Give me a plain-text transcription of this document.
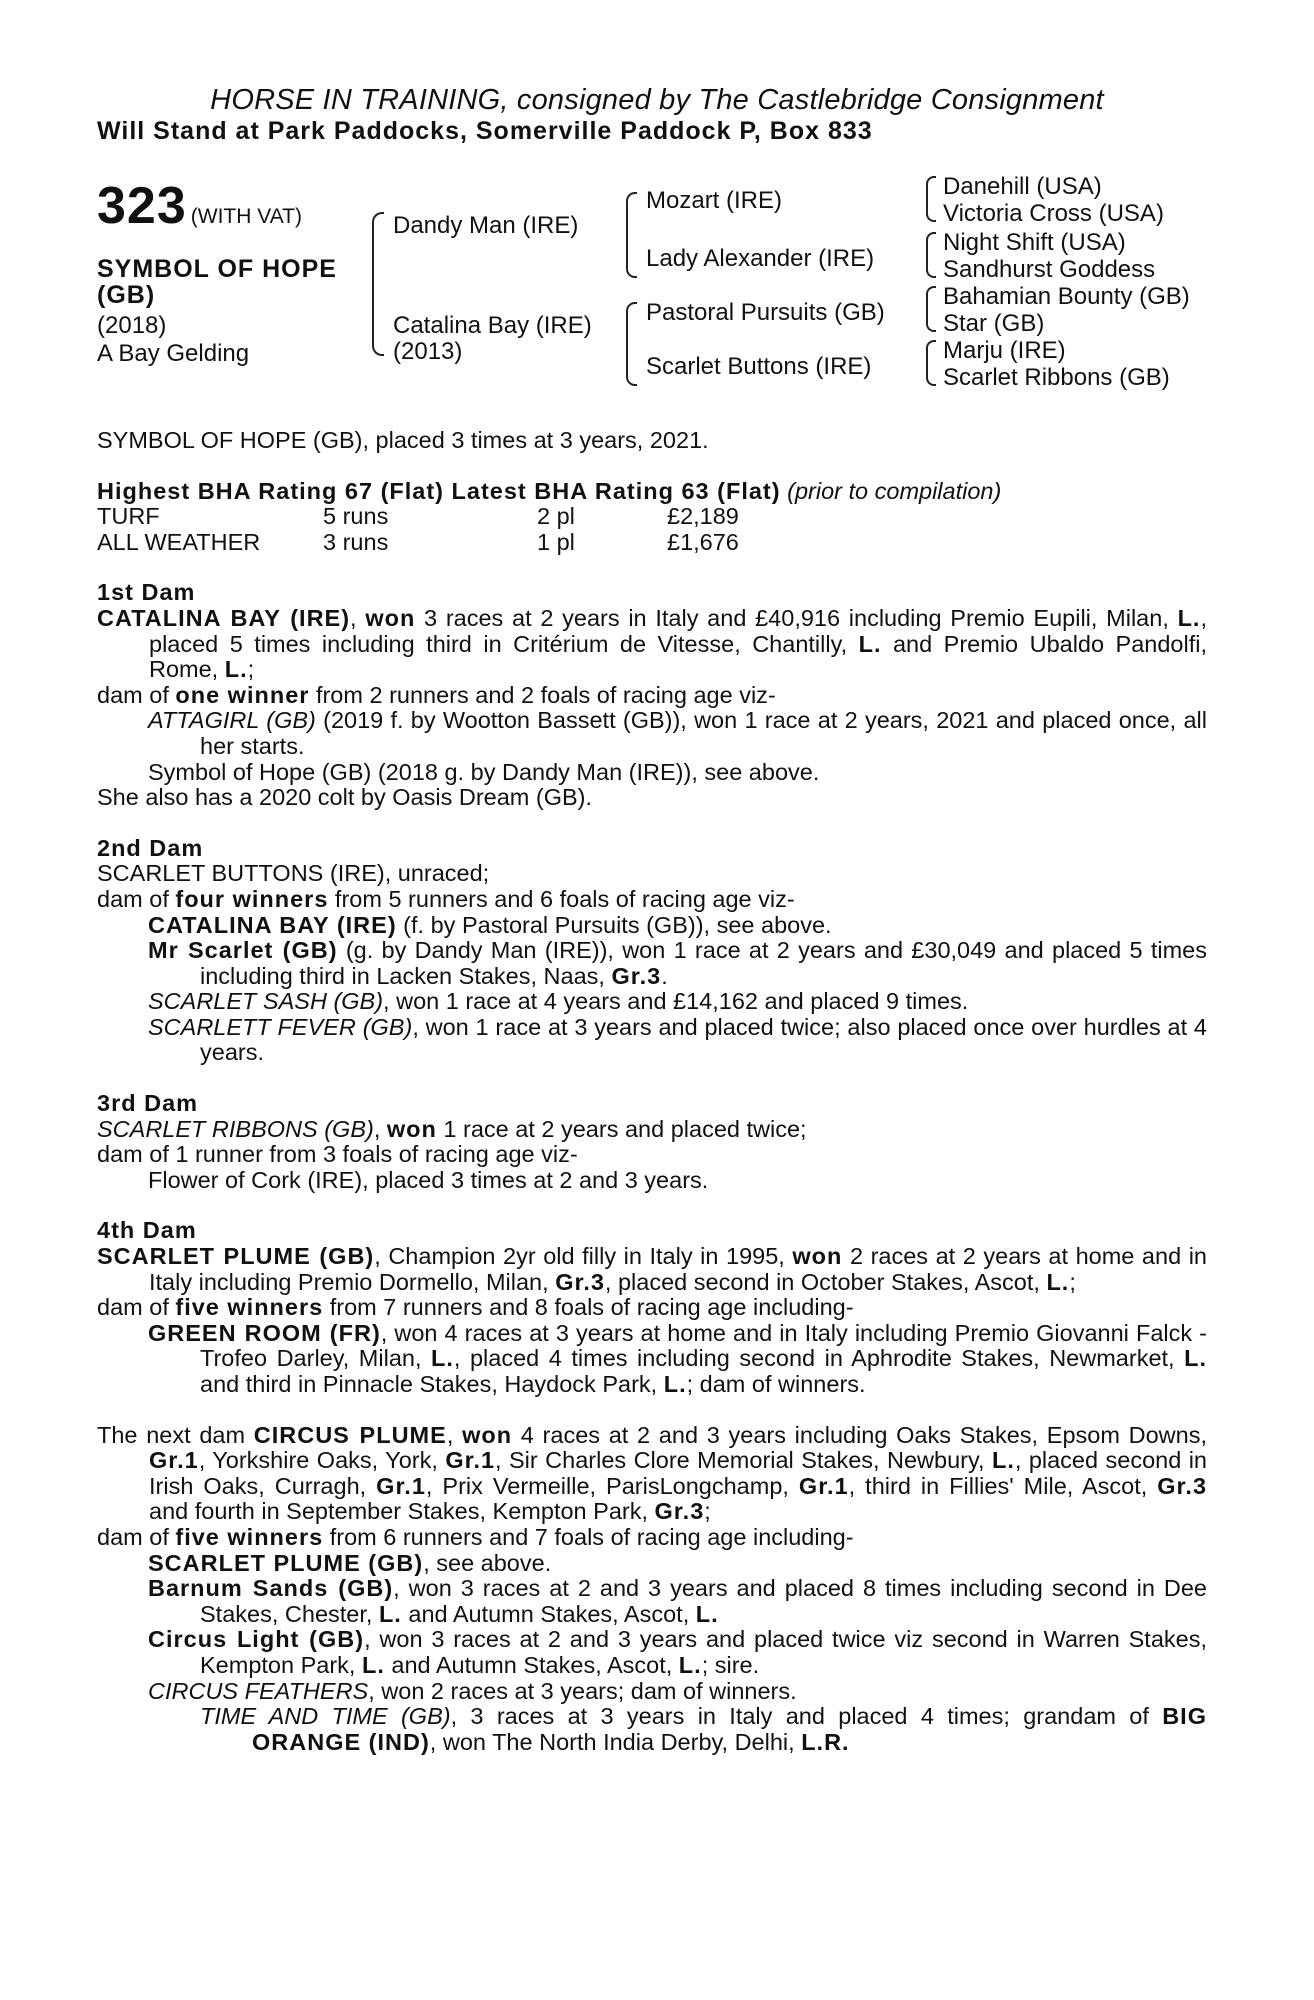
HORSE IN TRAINING, consigned by The Castlebridge Consignment
Will Stand at Park Paddocks, Somerville Paddock P, Box 833
323 (WITH VAT)
SYMBOL OF HOPE
(GB)
(2018)
A Bay Gelding
Dandy Man (IRE)
Catalina Bay (IRE)
(2013)
Mozart (IRE)
Lady Alexander (IRE)
Pastoral Pursuits (GB)
Scarlet Buttons (IRE)
Danehill (USA)
Victoria Cross (USA)
Night Shift (USA)
Sandhurst Goddess
Bahamian Bounty (GB)
Star (GB)
Marju (IRE)
Scarlet Ribbons (GB)

SYMBOL OF HOPE (GB), placed 3 times at 3 years, 2021.

Highest BHA Rating 67 (Flat) Latest BHA Rating 63 (Flat) (prior to compilation)

TURF	5 runs	2 pl	£2,189
ALL WEATHER	3 runs	1 pl	£1,676

1st Dam

CATALINA BAY (IRE), won 3 races at 2 years in Italy and £40,916 including Premio Eupili, Milan, L., placed 5 times including third in Critérium de Vitesse, Chantilly, L. and Premio Ubaldo Pandolfi, Rome, L.;

dam of one winner from 2 runners and 2 foals of racing age viz-

ATTAGIRL (GB) (2019 f. by Wootton Bassett (GB)), won 1 race at 2 years, 2021 and placed once, all her starts.

Symbol of Hope (GB) (2018 g. by Dandy Man (IRE)), see above.

She also has a 2020 colt by Oasis Dream (GB).

2nd Dam

SCARLET BUTTONS (IRE), unraced;

dam of four winners from 5 runners and 6 foals of racing age viz-

CATALINA BAY (IRE) (f. by Pastoral Pursuits (GB)), see above.

Mr Scarlet (GB) (g. by Dandy Man (IRE)), won 1 race at 2 years and £30,049 and placed 5 times including third in Lacken Stakes, Naas, Gr.3.

SCARLET SASH (GB), won 1 race at 4 years and £14,162 and placed 9 times.

SCARLETT FEVER (GB), won 1 race at 3 years and placed twice; also placed once over hurdles at 4 years.

3rd Dam

SCARLET RIBBONS (GB), won 1 race at 2 years and placed twice;

dam of 1 runner from 3 foals of racing age viz-

Flower of Cork (IRE), placed 3 times at 2 and 3 years.

4th Dam

SCARLET PLUME (GB), Champion 2yr old filly in Italy in 1995, won 2 races at 2 years at home and in Italy including Premio Dormello, Milan, Gr.3, placed second in October Stakes, Ascot, L.;

dam of five winners from 7 runners and 8 foals of racing age including-

GREEN ROOM (FR), won 4 races at 3 years at home and in Italy including Premio Giovanni Falck - Trofeo Darley, Milan, L., placed 4 times including second in Aphrodite Stakes, Newmarket, L. and third in Pinnacle Stakes, Haydock Park, L.; dam of winners.

The next dam CIRCUS PLUME, won 4 races at 2 and 3 years including Oaks Stakes, Epsom Downs, Gr.1, Yorkshire Oaks, York, Gr.1, Sir Charles Clore Memorial Stakes, Newbury, L., placed second in Irish Oaks, Curragh, Gr.1, Prix Vermeille, ParisLongchamp, Gr.1, third in Fillies' Mile, Ascot, Gr.3 and fourth in September Stakes, Kempton Park, Gr.3;

dam of five winners from 6 runners and 7 foals of racing age including-

SCARLET PLUME (GB), see above.

Barnum Sands (GB), won 3 races at 2 and 3 years and placed 8 times including second in Dee Stakes, Chester, L. and Autumn Stakes, Ascot, L.

Circus Light (GB), won 3 races at 2 and 3 years and placed twice viz second in Warren Stakes, Kempton Park, L. and Autumn Stakes, Ascot, L.; sire.

CIRCUS FEATHERS, won 2 races at 3 years; dam of winners.

TIME AND TIME (GB), 3 races at 3 years in Italy and placed 4 times; grandam of BIG ORANGE (IND), won The North India Derby, Delhi, L.R.
